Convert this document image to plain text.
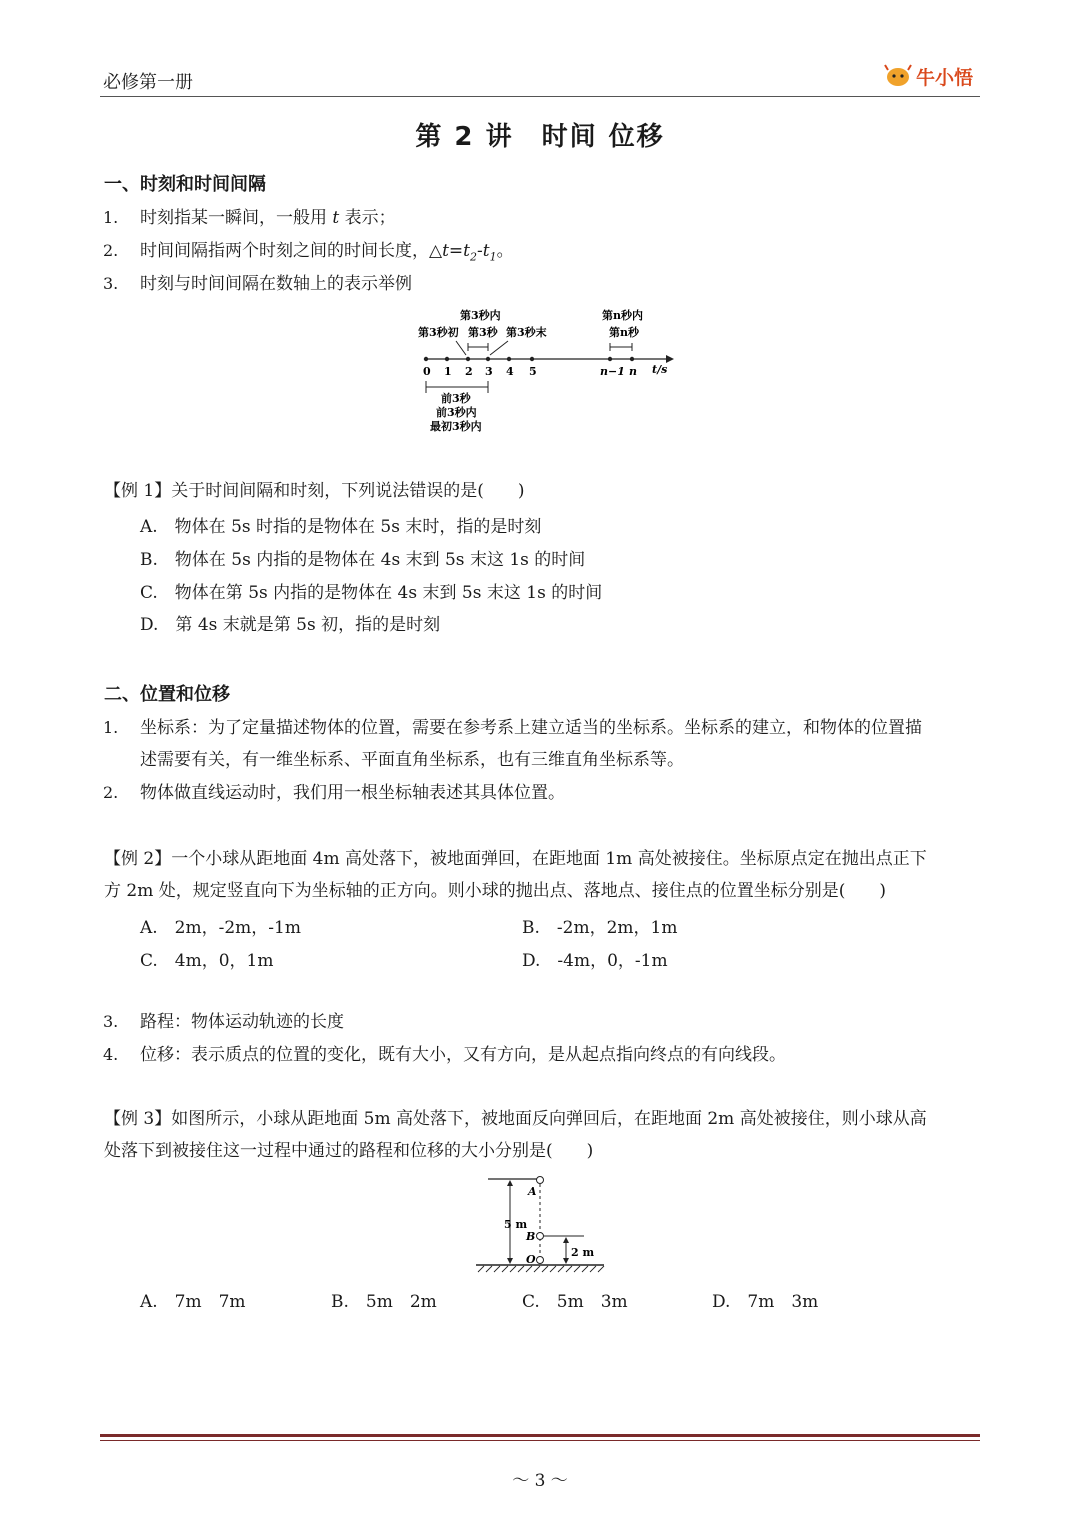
必修第一册	牛小悟
第 2 讲　时间 位移
一、时刻和时间间隔
1. 时刻指某一瞬间，一般用 t 表示；
2. 时间间隔指两个时刻之间的时间长度，$\triangle t=t_2-t_1$。
3. 时刻与时间间隔在数轴上的表示举例
0 1 2 3 4 5	n−1 n t/s
第3秒内	第n秒内
第3秒初 第3秒 第3秒末	第n秒
前3秒
前3秒内
最初3秒内
【例 1】关于时间间隔和时刻，下列说法错误的是(　　)
A.　物体在 5s 时指的是物体在 5s 末时，指的是时刻
B.　物体在 5s 内指的是物体在 4s 末到 5s 末这 1s 的时间
C.　物体在第 5s 内指的是物体在 4s 末到 5s 末这 1s 的时间
D.　第 4s 末就是第 5s 初，指的是时刻
二、位置和位移
1. 坐标系：为了定量描述物体的位置，需要在参考系上建立适当的坐标系。坐标系的建立，和物体的位置描
述需要有关，有一维坐标系、平面直角坐标系，也有三维直角坐标系等。
2. 物体做直线运动时，我们用一根坐标轴表述其具体位置。
【例 2】一个小球从距地面 4m 高处落下，被地面弹回，在距地面 1m 高处被接住。坐标原点定在抛出点正下
方 2m 处，规定竖直向下为坐标轴的正方向。则小球的抛出点、落地点、接住点的位置坐标分别是(　　)
A.　2m，-2m，-1m	B.　-2m，2m，1m
C.　4m，0，1m	D.　-4m，0，-1m
3. 路程：物体运动轨迹的长度
4. 位移：表示质点的位置的变化，既有大小，又有方向，是从起点指向终点的有向线段。
【例 3】如图所示，小球从距地面 5m 高处落下，被地面反向弹回后，在距地面 2m 高处被接住，则小球从高
处落下到被接住这一过程中通过的路程和位移的大小分别是(　　)
5 m
A
B
O
2 m
A.　7m　7m	B.　5m　2m	C.　5m　3m	D.　7m　3m
～ 3 ～
